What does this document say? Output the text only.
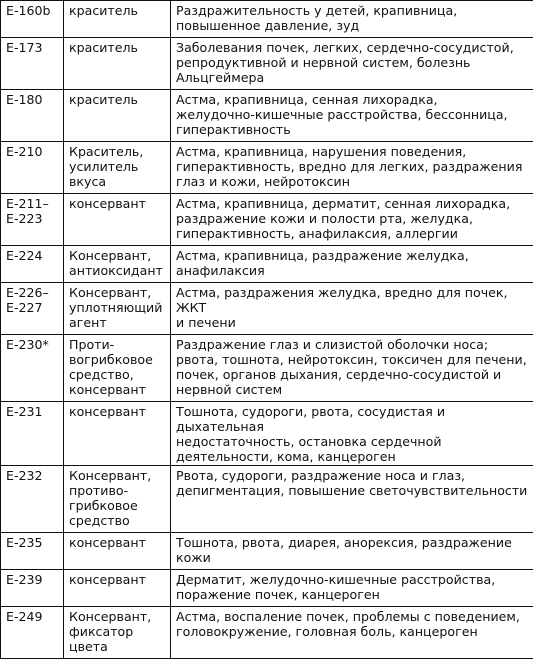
E-160b	краситель	Раздражительность у детей, крапивница,
повышенное давление, зуд
E-173	краситель	Заболевания почек, легких, сердечно-сосудистой,
репродуктивной и нервной систем, болезнь
Альцгеймера
E-180	краситель	Астма, крапивница, сенная лихорадка,
желудочно-кишечные расстройства, бессонница,
гиперактивность
E-210	Краситель,
усилитель
вкуса	Астма, крапивница, нарушения поведения,
гиперактивность, вредно для легких, раздражения
глаз и кожи, нейротоксин
E-211–
E-223	консервант	Астма, крапивница, дерматит, сенная лихорадка,
раздражение кожи и полости рта, желудка,
гиперактивность, анафилаксия, аллергии
E-224	Консервант,
антиоксидант	Астма, крапивница, раздражение желудка,
анафилаксия
E-226–
E-227	Консервант,
уплотняющий
агент	Астма, раздражения желудка, вредно для почек, ЖКТ
и печени
E-230*	Проти-
вогрибковое
средство,
консервант	Раздражение глаз и слизистой оболочки носа;
рвота, тошнота, нейротоксин, токсичен для печени,
почек, органов дыхания, сердечно-сосудистой и
нервной систем
E-231	консервант	Тошнота, судороги, рвота, сосудистая и дыхательная
недостаточность, остановка сердечной
деятельности, кома, канцероген
E-232	Консервант,
противо-
грибковое
средство	Рвота, судороги, раздражение носа и глаз,
депигментация, повышение светочувствительности
E-235	консервант	Тошнота, рвота, диарея, анорексия, раздражение
кожи
E-239	консервант	Дерматит, желудочно-кишечные расстройства,
поражение почек, канцероген
E-249	Консервант,
фиксатор
цвета	Астма, воспаление почек, проблемы с поведением,
головокружение, головная боль, канцероген
